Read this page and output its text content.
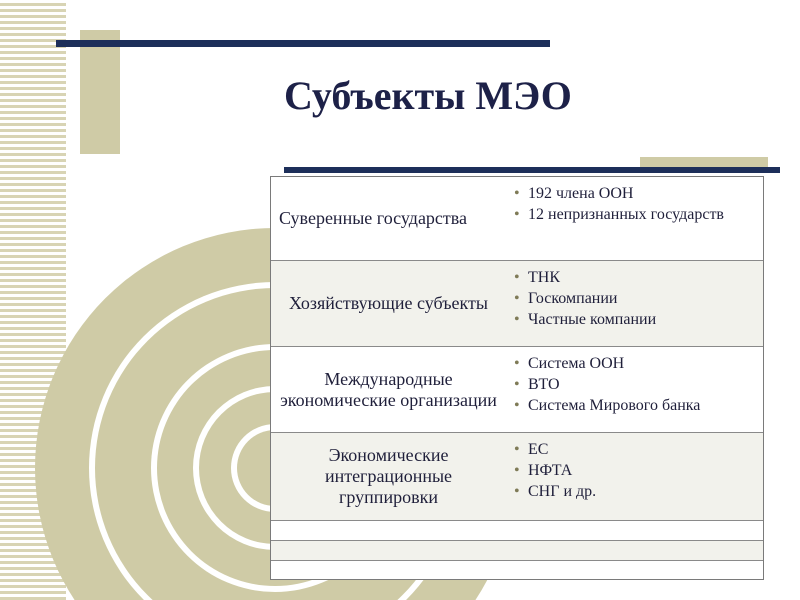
Субъекты МЭО
Суверенные государства
• 192 члена ООН
• 12 непризнанных государств
Хозяйствующие субъекты
• ТНК
• Госкомпании
• Частные компании
Международные экономические организации
• Система ООН
• ВТО
• Система Мирового банка
Экономические интеграционные группировки
• ЕС
• НФТА
• СНГ и др.
